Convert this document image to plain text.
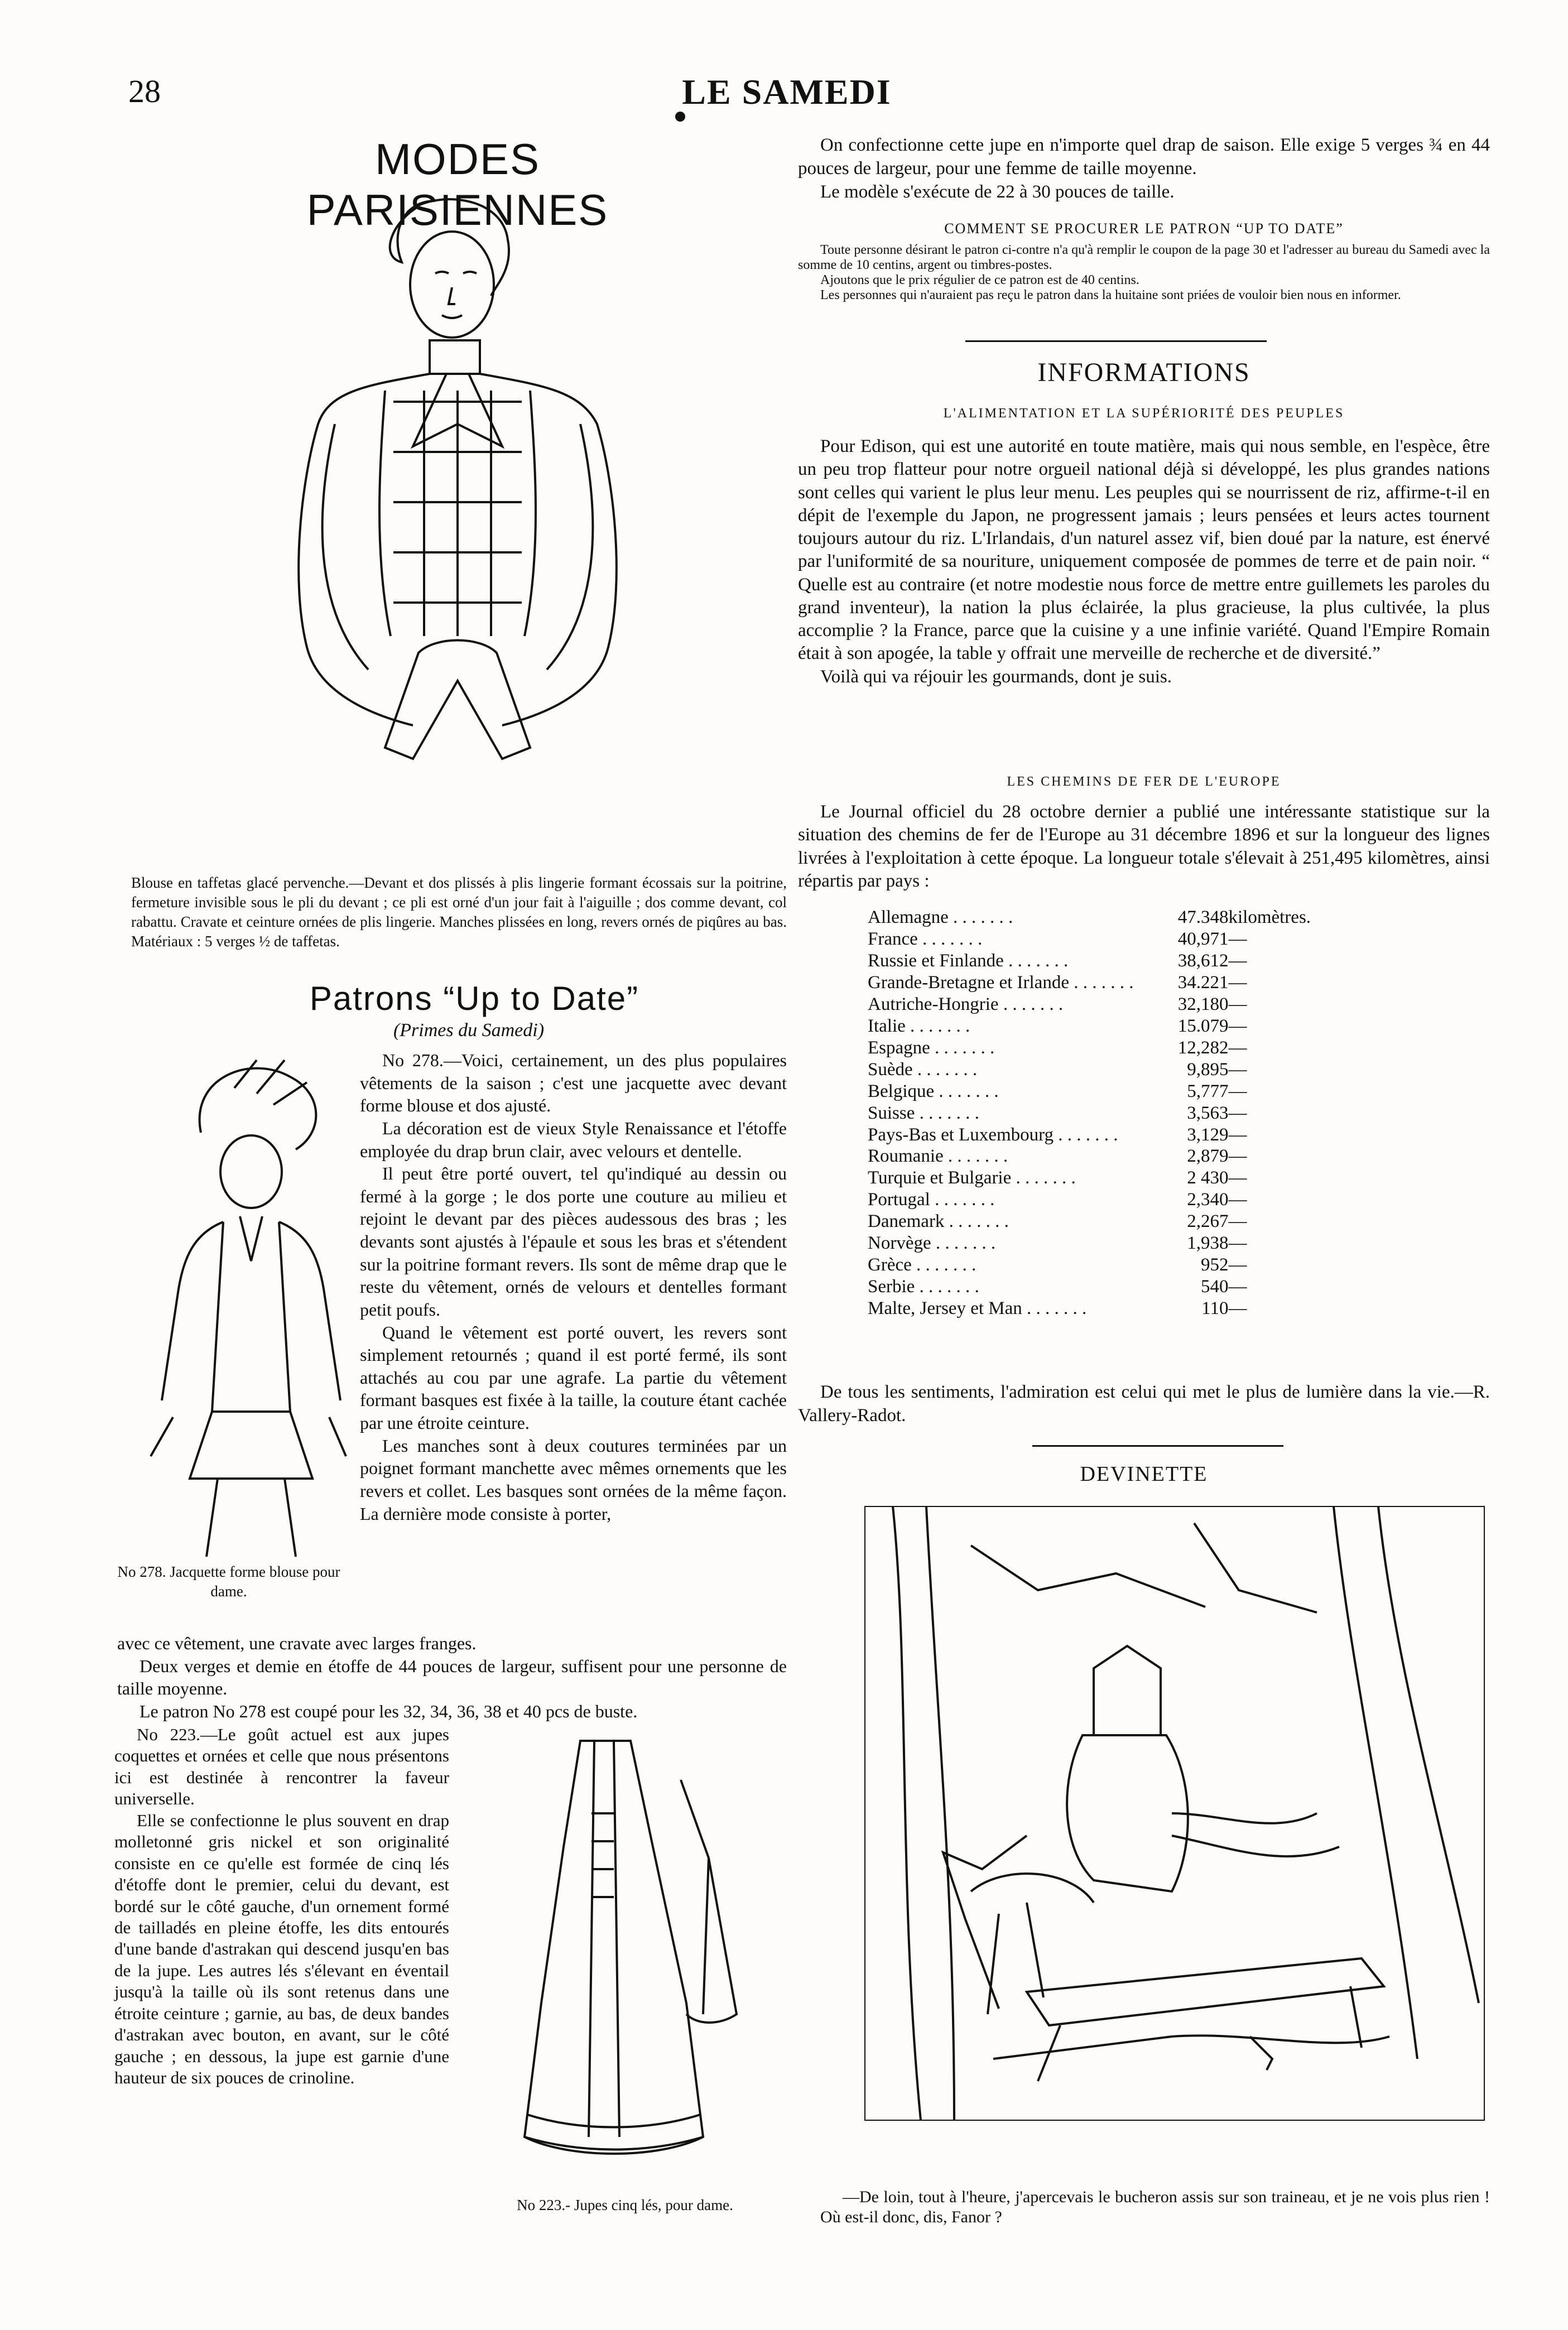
28	LE SAMEDI
MODES PARISIENNES
Blouse en taffetas glacé pervenche.—Devant et dos plissés à plis lingerie formant écossais sur la poitrine, fermeture invisible sous le pli du devant ; ce pli est orné d'un jour fait à l'aiguille ; dos comme devant, col rabattu. Cravate et ceinture ornées de plis lingerie. Manches plissées en long, revers ornés de piqûres au bas. Matériaux : 5 verges ½ de taffetas.
Patrons “Up to Date”
(Primes du Samedi)
No 278. Jacquette forme blouse pour dame.

No 278.—Voici, certainement, un des plus populaires vêtements de la saison ; c'est une jacquette avec devant forme blouse et dos ajusté.

La décoration est de vieux Style Renaissance et l'étoffe employée du drap brun clair, avec velours et dentelle.

Il peut être porté ouvert, tel qu'indiqué au dessin ou fermé à la gorge ; le dos porte une couture au milieu et rejoint le devant par des pièces audessous des bras ; les devants sont ajustés à l'épaule et sous les bras et s'étendent sur la poitrine formant revers. Ils sont de même drap que le reste du vêtement, ornés de velours et dentelles formant petit poufs.

Quand le vêtement est porté ouvert, les revers sont simplement retournés ; quand il est porté fermé, ils sont attachés au cou par une agrafe. La partie du vêtement formant basques est fixée à la taille, la couture étant cachée par une étroite ceinture.

Les manches sont à deux coutures terminées par un poignet formant manchette avec mêmes ornements que les revers et collet. Les basques sont ornées de la même façon. La dernière mode consiste à porter,

avec ce vêtement, une cravate avec larges franges.

Deux verges et demie en étoffe de 44 pouces de largeur, suffisent pour une personne de taille moyenne.

Le patron No 278 est coupé pour les 32, 34, 36, 38 et 40 pcs de buste.

No 223.—Le goût actuel est aux jupes coquettes et ornées et celle que nous présentons ici est destinée à rencontrer la faveur universelle.

Elle se confectionne le plus souvent en drap molletonné gris nickel et son originalité consiste en ce qu'elle est formée de cinq lés d'étoffe dont le premier, celui du devant, est bordé sur le côté gauche, d'un ornement formé de tailladés en pleine étoffe, les dits entourés d'une bande d'astrakan qui descend jusqu'en bas de la jupe. Les autres lés s'élevant en éventail jusqu'à la taille où ils sont retenus dans une étroite ceinture ; garnie, au bas, de deux bandes d'astrakan avec bouton, en avant, sur le côté gauche ; en dessous, la jupe est garnie d'une hauteur de six pouces de crinoline.

No 223.- Jupes cinq lés, pour dame.

On confectionne cette jupe en n'importe quel drap de saison. Elle exige 5 verges ¾ en 44 pouces de largeur, pour une femme de taille moyenne.

Le modèle s'exécute de 22 à 30 pouces de taille.

COMMENT SE PROCURER LE PATRON “UP TO DATE”
Toute personne désirant le patron ci-contre n'a qu'à remplir le coupon de la page 30 et l'adresser au bureau du Samedi avec la somme de 10 centins, argent ou timbres-postes.
Ajoutons que le prix régulier de ce patron est de 40 centins.
Les personnes qui n'auraient pas reçu le patron dans la huitaine sont priées de vouloir bien nous en informer.
INFORMATIONS
L'ALIMENTATION ET LA SUPÉRIORITÉ DES PEUPLES

Pour Edison, qui est une autorité en toute matière, mais qui nous semble, en l'espèce, être un peu trop flatteur pour notre orgueil national déjà si développé, les plus grandes nations sont celles qui varient le plus leur menu. Les peuples qui se nourrissent de riz, affirme-t-il en dépit de l'exemple du Japon, ne progressent jamais ; leurs pensées et leurs actes tournent toujours autour du riz. L'Irlandais, d'un naturel assez vif, bien doué par la nature, est énervé par l'uniformité de sa nouriture, uniquement composée de pommes de terre et de pain noir. “ Quelle est au contraire (et notre modestie nous force de mettre entre guillemets les paroles du grand inventeur), la nation la plus éclairée, la plus gracieuse, la plus cultivée, la plus accomplie ? la France, parce que la cuisine y a une infinie variété. Quand l'Empire Romain était à son apogée, la table y offrait une merveille de recherche et de diversité.”

Voilà qui va réjouir les gourmands, dont je suis.

LES CHEMINS DE FER DE L'EUROPE

Le Journal officiel du 28 octobre dernier a publié une intéressante statistique sur la situation des chemins de fer de l'Europe au 31 décembre 1896 et sur la longueur des lignes livrées à l'exploitation à cette époque. La longueur totale s'élevait à 251,495 kilomètres, ainsi répartis par pays :

Allemagne . . . . . . .	47.348	kilomètres.
France . . . . . . .	40,971	—
Russie et Finlande . . . . . . .	38,612	—
Grande-Bretagne et Irlande . . . . . . .	34.221	—
Autriche-Hongrie . . . . . . .	32,180	—
Italie . . . . . . .	15.079	—
Espagne . . . . . . .	12,282	—
Suède . . . . . . .	9,895	—
Belgique . . . . . . .	5,777	—
Suisse . . . . . . .	3,563	—
Pays-Bas et Luxembourg . . . . . . .	3,129	—
Roumanie . . . . . . .	2,879	—
Turquie et Bulgarie . . . . . . .	2 430	—
Portugal . . . . . . .	2,340	—
Danemark . . . . . . .	2,267	—
Norvège . . . . . . .	1,938	—
Grèce . . . . . . .	952	—
Serbie . . . . . . .	540	—
Malte, Jersey et Man . . . . . . .	110	—

De tous les sentiments, l'admiration est celui qui met le plus de lumière dans la vie.—R. Vallery-Radot.

DEVINETTE

—De loin, tout à l'heure, j'apercevais le bucheron assis sur son traineau, et je ne vois plus rien ! Où est-il donc, dis, Fanor ?
